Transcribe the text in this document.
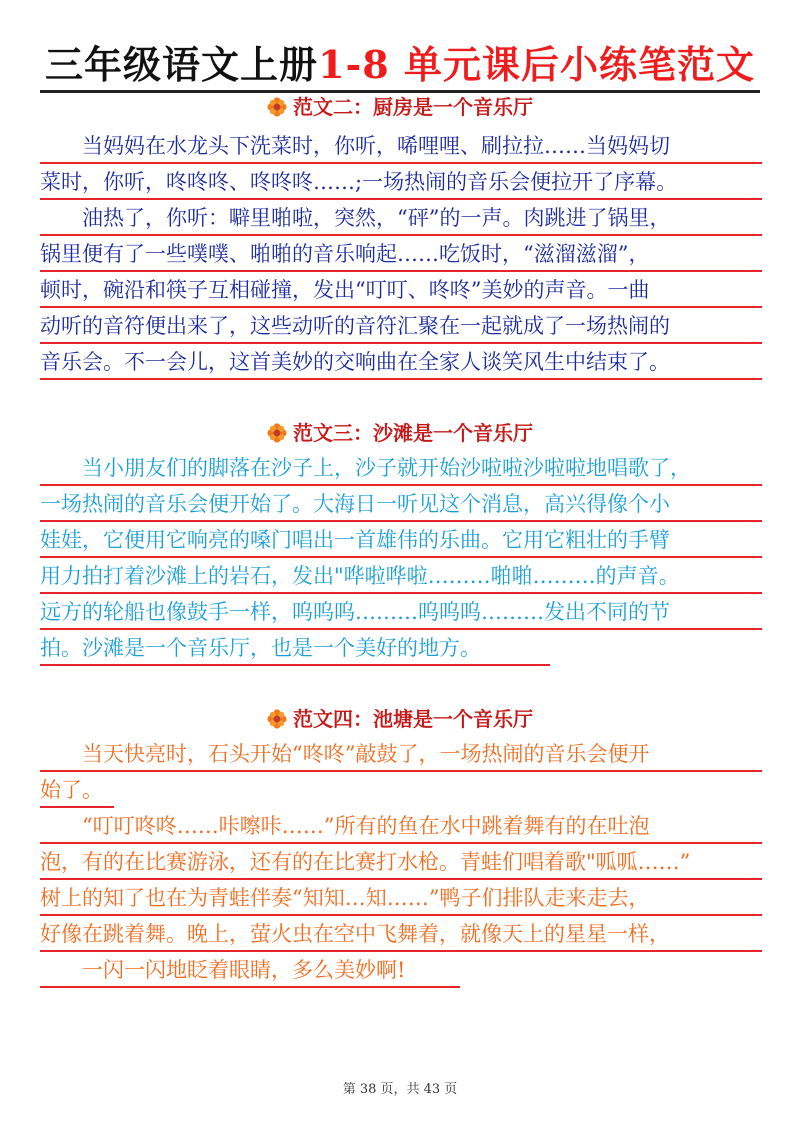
三年级语文上册1-8 单元课后小练笔范文
范文二：厨房是一个音乐厅
　　当妈妈在水龙头下洗菜时，你听，唏哩哩、刷拉拉……当妈妈切
菜时，你听，咚咚咚、咚咚咚……;一场热闹的音乐会便拉开了序幕。
　　油热了，你听：噼里啪啦，突然，“砰”的一声。肉跳进了锅里，
锅里便有了一些噗噗、啪啪的音乐响起……吃饭时，“滋溜滋溜”，
顿时，碗沿和筷子互相碰撞，发出“叮叮、咚咚”美妙的声音。一曲
动听的音符便出来了，这些动听的音符汇聚在一起就成了一场热闹的
音乐会。不一会儿，这首美妙的交响曲在全家人谈笑风生中结束了。
范文三：沙滩是一个音乐厅
　　当小朋友们的脚落在沙子上，沙子就开始沙啦啦沙啦啦地唱歌了，
一场热闹的音乐会便开始了。大海日一听见这个消息，高兴得像个小
娃娃，它便用它响亮的嗓门唱出一首雄伟的乐曲。它用它粗壮的手臂
用力拍打着沙滩上的岩石，发出"哗啦哗啦………啪啪………的声音。
远方的轮船也像鼓手一样，呜呜呜………呜呜呜………发出不同的节
拍。沙滩是一个音乐厅，也是一个美好的地方。
范文四：池塘是一个音乐厅
　　当天快亮时，石头开始“咚咚”敲鼓了，一场热闹的音乐会便开
始了。
　　“叮叮咚咚……咔嚓咔……”所有的鱼在水中跳着舞有的在吐泡
泡，有的在比赛游泳，还有的在比赛打水枪。青蛙们唱着歌"呱呱……”
树上的知了也在为青蛙伴奏“知知…知……”鸭子们排队走来走去，
好像在跳着舞。晚上，萤火虫在空中飞舞着，就像天上的星星一样，
　　一闪一闪地眨着眼睛，多么美妙啊!
第 38 页，共 43 页
